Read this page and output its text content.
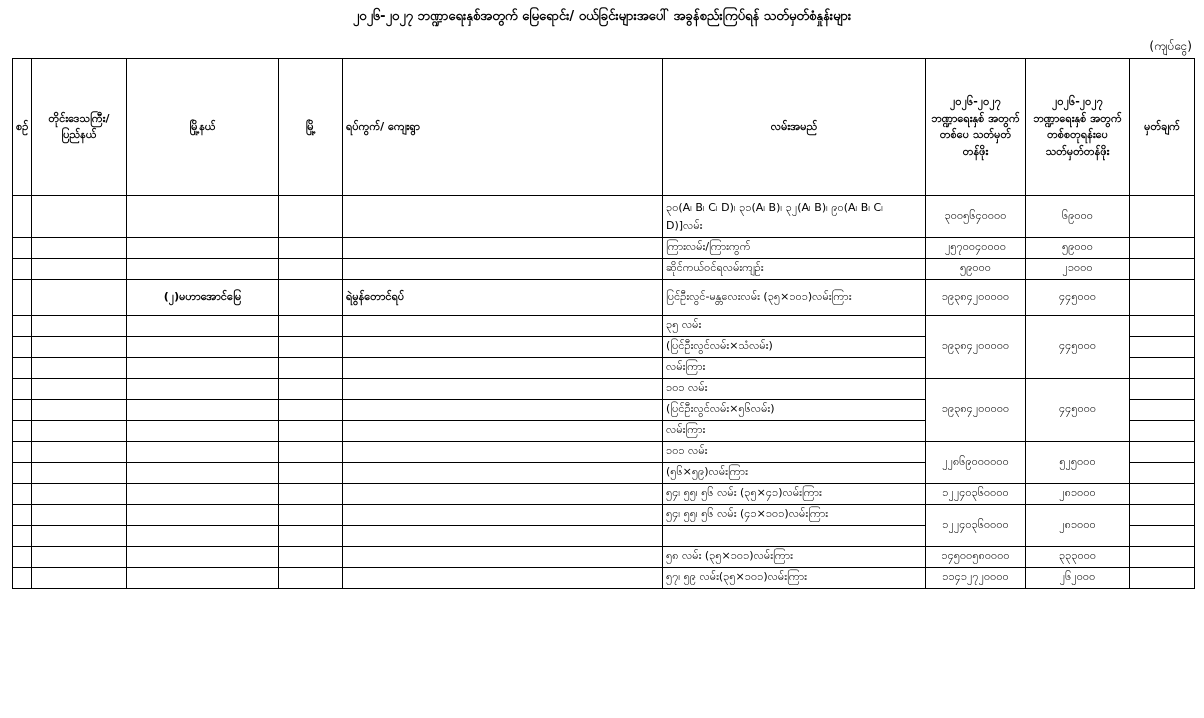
၂၀၂၆-၂၀၂၇ ဘဏ္ဍာရေးနှစ်အတွက် မြေရောင်း/ ဝယ်ခြင်းများအပေါ် အခွန်စည်းကြပ်ရန် သတ်မှတ်စံနှုန်းများ
(ကျပ်ငွေ)
စဉ်	တိုင်းဒေသကြီး/ ပြည်နယ်	မြို့နယ်	မြို့	ရပ်ကွက်/ ကျေးရွာ	လမ်းအမည်	၂၀၂၆-၂၀၂၇ ဘဏ္ဍာရေးနှစ် အတွက် တစ်ပေ သတ်မှတ်တန်ဖိုး	၂၀၂၆-၂၀၂၇ ဘဏ္ဍာရေးနှစ် အတွက် တစ်စတုရန်းပေ သတ်မှတ်တန်ဖိုး	မှတ်ချက်
					၃၀(A၊ B၊ C၊ D)၊ ၃၁(A၊ B)၊ ၃၂(A၊ B)၊ ၉၀(A၊ B၊ C၊ D)]လမ်း	၃၀၀၅၆၄၀၀၀၀	၆၉၀၀၀	
					ကြားလမ်း/ကြားကွက်	၂၅၇၀၀၄၀၀၀၀	၅၉၀၀၀	
					ဆိုင်ကယ်ဝင်ရလမ်းကျဉ်း	၅၉၀၀၀	၂၁၀၀၀	
		(၂)မဟာအောင်မြေ		ရဲမွန်တောင်ရပ်	ပြင်ဦးလွင်-မန္တလေးလမ်း (၃၅×၁၀၁)လမ်းကြား	၁၉၃၈၄၂၀၀၀၀၀	၄၄၅၀၀၀	
					၃၅ လမ်း	၁၉၃၈၄၂၀၀၀၀၀	၄၄၅၀၀၀	
					(ပြင်ဦးလွင်လမ်း×သံလမ်း)			
					လမ်းကြား			
					၁၀၁ လမ်း	၁၉၃၈၄၂၀၀၀၀၀	၄၄၅၀၀၀	
					(ပြင်ဦးလွင်လမ်း×၅၆လမ်း)			
					လမ်းကြား			
					၁၀၁ လမ်း	၂၂၈၆၉၀၀၀၀၀၀	၅၂၅၀၀၀	
					(၅၆×၅၉)လမ်းကြား			
					၅၄၊ ၅၅၊ ၅၆ လမ်း (၃၅×၄၁)လမ်းကြား	၁၂၂၄၀၃၆၀၀၀၀	၂၈၁၀၀၀	
					၅၄၊ ၅၅၊ ၅၆ လမ်း (၄၁×၁၀၁)လမ်းကြား	၁၂၂၄၀၃၆၀၀၀၀	၂၈၁၀၀၀	

					၅၈ လမ်း (၃၅×၁၀၁)လမ်းကြား	၁၄၅၀၀၅၈၀၀၀၀	၃၃၃၀၀၀	
					၅၇၊ ၅၉ လမ်း(၃၅×၁၀၁)လမ်းကြား	၁၁၄၁၂၇၂၀၀၀၀	၂၆၂၀၀၀	
